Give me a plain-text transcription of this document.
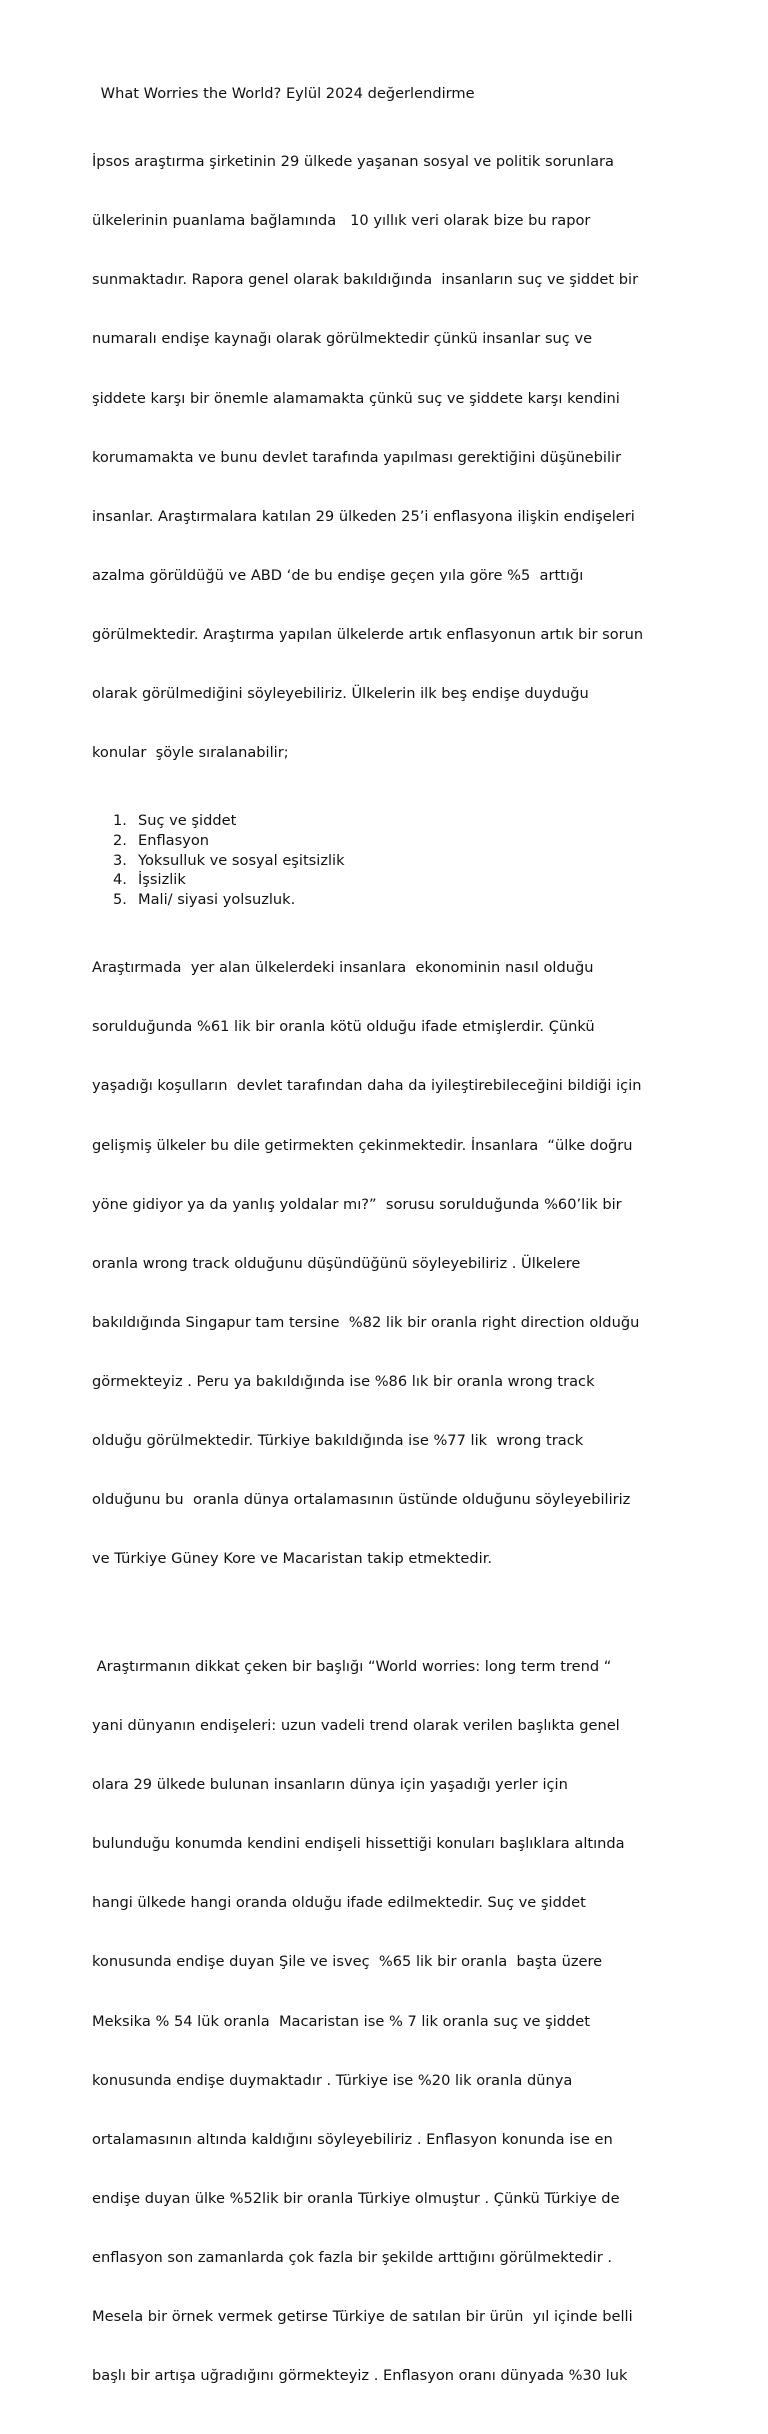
What Worries the World? Eylül 2024 değerlendirme

İpsos araştırma şirketinin 29 ülkede yaşanan sosyal ve politik sorunlara

ülkelerinin puanlama bağlamında   10 yıllık veri olarak bize bu rapor

sunmaktadır. Rapora genel olarak bakıldığında  insanların suç ve şiddet bir

numaralı endişe kaynağı olarak görülmektedir çünkü insanlar suç ve

şiddete karşı bir önemle alamamakta çünkü suç ve şiddete karşı kendini

korumamakta ve bunu devlet tarafında yapılması gerektiğini düşünebilir

insanlar. Araştırmalara katılan 29 ülkeden 25’i enflasyona ilişkin endişeleri

azalma görüldüğü ve ABD ‘de bu endişe geçen yıla göre %5  arttığı

görülmektedir. Araştırma yapılan ülkelerde artık enflasyonun artık bir sorun

olarak görülmediğini söyleyebiliriz. Ülkelerin ilk beş endişe duyduğu

konular  şöyle sıralanabilir;

1. Suç ve şiddet
2. Enflasyon
3. Yoksulluk ve sosyal eşitsizlik
4. İşsizlik
5. Mali/ siyasi yolsuzluk.

Araştırmada  yer alan ülkelerdeki insanlara  ekonominin nasıl olduğu

sorulduğunda %61 lik bir oranla kötü olduğu ifade etmişlerdir. Çünkü

yaşadığı koşulların  devlet tarafından daha da iyileştirebileceğini bildiği için

gelişmiş ülkeler bu dile getirmekten çekinmektedir. İnsanlara  “ülke doğru

yöne gidiyor ya da yanlış yoldalar mı?”  sorusu sorulduğunda %60’lik bir

oranla wrong track olduğunu düşündüğünü söyleyebiliriz . Ülkelere

bakıldığında Singapur tam tersine  %82 lik bir oranla right direction olduğu

görmekteyiz . Peru ya bakıldığında ise %86 lık bir oranla wrong track

olduğu görülmektedir. Türkiye bakıldığında ise %77 lik  wrong track

olduğunu bu  oranla dünya ortalamasının üstünde olduğunu söyleyebiliriz

ve Türkiye Güney Kore ve Macaristan takip etmektedir.

Araştırmanın dikkat çeken bir başlığı “World worries: long term trend “

yani dünyanın endişeleri: uzun vadeli trend olarak verilen başlıkta genel

olara 29 ülkede bulunan insanların dünya için yaşadığı yerler için

bulunduğu konumda kendini endişeli hissettiği konuları başlıklara altında

hangi ülkede hangi oranda olduğu ifade edilmektedir. Suç ve şiddet

konusunda endişe duyan Şile ve isveç  %65 lik bir oranla  başta üzere

Meksika % 54 lük oranla  Macaristan ise % 7 lik oranla suç ve şiddet

konusunda endişe duymaktadır . Türkiye ise %20 lik oranla dünya

ortalamasının altında kaldığını söyleyebiliriz . Enflasyon konunda ise en

endişe duyan ülke %52lik bir oranla Türkiye olmuştur . Çünkü Türkiye de

enflasyon son zamanlarda çok fazla bir şekilde arttığını görülmektedir .

Mesela bir örnek vermek getirse Türkiye de satılan bir ürün  yıl içinde belli

başlı bir artışa uğradığını görmekteyiz . Enflasyon oranı dünyada %30 luk
